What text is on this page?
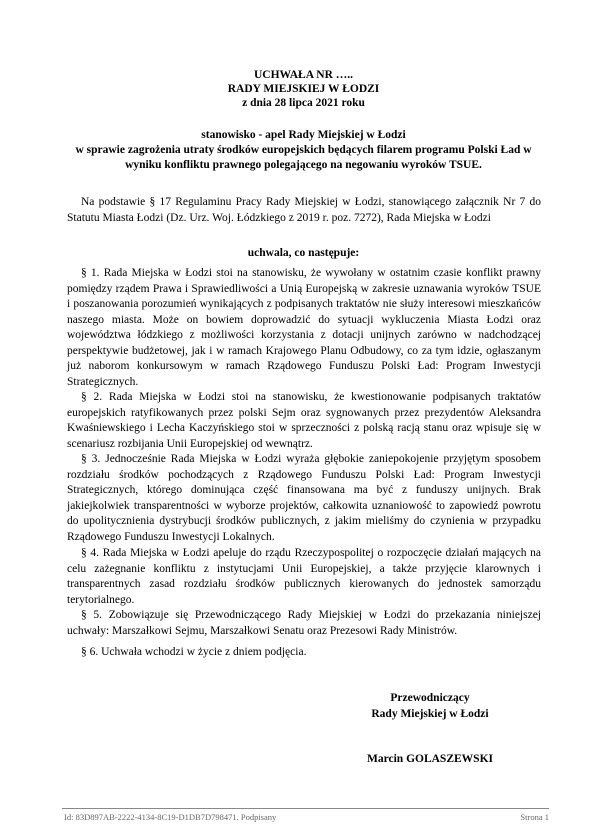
UCHWAŁA NR …..
RADY MIEJSKIEJ W ŁODZI
z dnia 28 lipca 2021 roku
stanowisko - apel Rady Miejskiej w Łodzi
w sprawie zagrożenia utraty środków europejskich będących filarem programu Polski Ład w wyniku konfliktu prawnego polegającego na negowaniu wyroków TSUE.

Na podstawie § 17 Regulaminu Pracy Rady Miejskiej w Łodzi, stanowiącego załącznik Nr 7 do Statutu Miasta Łodzi (Dz. Urz. Woj. Łódzkiego z 2019 r. poz. 7272), Rada Miejska w Łodzi

uchwala, co następuje:

§ 1. Rada Miejska w Łodzi stoi na stanowisku, że wywołany w ostatnim czasie konflikt prawny pomiędzy rządem Prawa i Sprawiedliwości a Unią Europejską w zakresie uznawania wyroków TSUE i poszanowania porozumień wynikających z podpisanych traktatów nie służy interesowi mieszkańców naszego miasta. Może on bowiem doprowadzić do sytuacji wykluczenia Miasta Łodzi oraz województwa łódzkiego z możliwości korzystania z dotacji unijnych zarówno w nadchodzącej perspektywie budżetowej, jak i w ramach Krajowego Planu Odbudowy, co za tym idzie, ogłaszanym już naborom konkursowym w ramach Rządowego Funduszu Polski Ład: Program Inwestycji Strategicznych.

§ 2. Rada Miejska w Łodzi stoi na stanowisku, że kwestionowanie podpisanych traktatów europejskich ratyfikowanych przez polski Sejm oraz sygnowanych przez prezydentów Aleksandra Kwaśniewskiego i Lecha Kaczyńskiego stoi w sprzeczności z polską racją stanu oraz wpisuje się w scenariusz rozbijania Unii Europejskiej od wewnątrz.

§ 3. Jednocześnie Rada Miejska w Łodzi wyraża głębokie zaniepokojenie przyjętym sposobem rozdziału środków pochodzących z Rządowego Funduszu Polski Ład: Program Inwestycji Strategicznych, którego dominująca część finansowana ma być z funduszy unijnych. Brak jakiejkolwiek transparentności w wyborze projektów, całkowita uznaniowość to zapowiedź powrotu do upolitycznienia dystrybucji środków publicznych, z jakim mieliśmy do czynienia w przypadku Rządowego Funduszu Inwestycji Lokalnych.

§ 4. Rada Miejska w Łodzi apeluje do rządu Rzeczypospolitej o rozpoczęcie działań mających na celu zażegnanie konfliktu z instytucjami Unii Europejskiej, a także przyjęcie klarownych i transparentnych zasad rozdziału środków publicznych kierowanych do jednostek samorządu terytorialnego.

§ 5. Zobowiązuje się Przewodniczącego Rady Miejskiej w Łodzi do przekazania niniejszej uchwały: Marszałkowi Sejmu, Marszałkowi Senatu oraz Prezesowi Rady Ministrów.

§ 6. Uchwała wchodzi w życie z dniem podjęcia.

Przewodniczący
Rady Miejskiej w Łodzi
Marcin GOLASZEWSKI
Id: 83D897AB-2222-4134-8C19-D1DB7D798471. Podpisany	Strona 1
